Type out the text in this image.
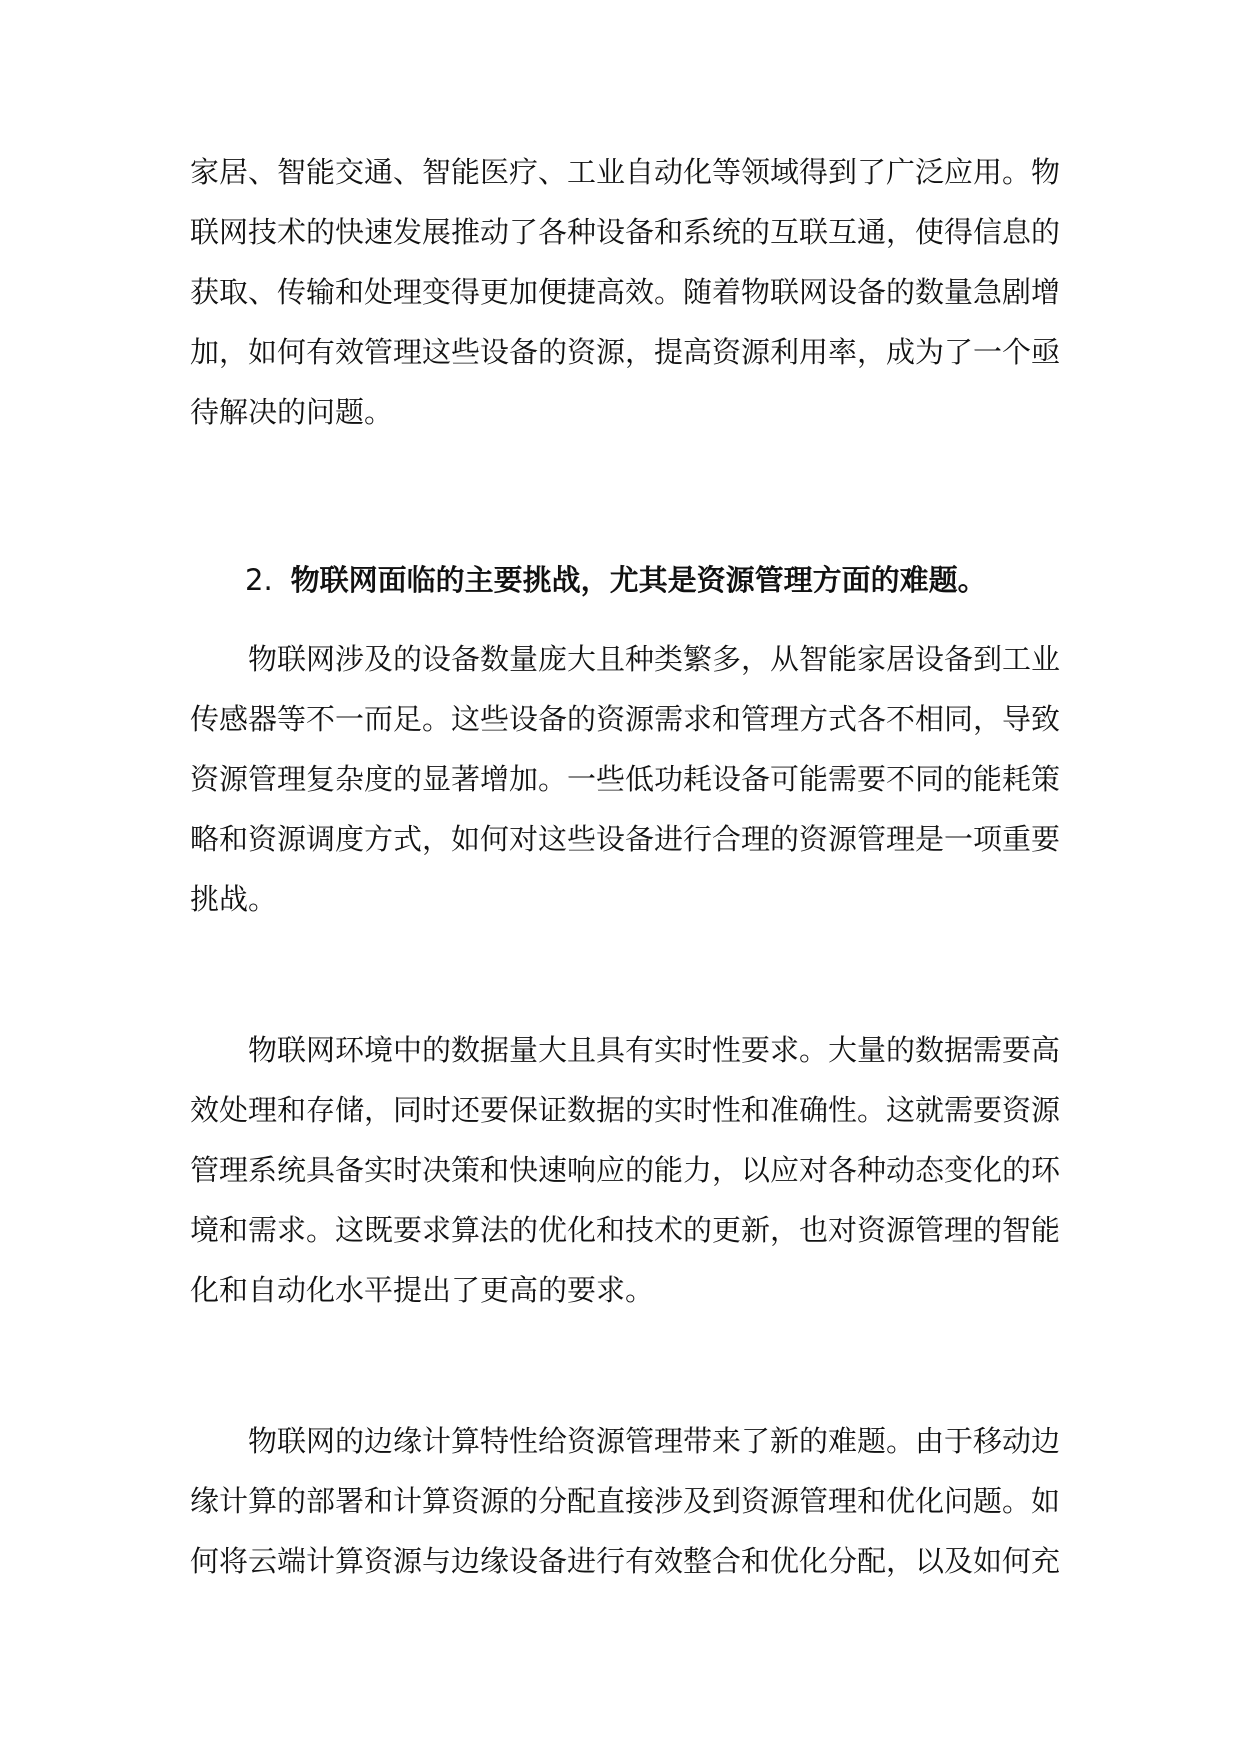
家居、智能交通、智能医疗、工业自动化等领域得到了广泛应用。物联网技术的快速发展推动了各种设备和系统的互联互通，使得信息的获取、传输和处理变得更加便捷高效。随着物联网设备的数量急剧增加，如何有效管理这些设备的资源，提高资源利用率，成为了一个亟待解决的问题。

2. 物联网面临的主要挑战，尤其是资源管理方面的难题。

物联网涉及的设备数量庞大且种类繁多，从智能家居设备到工业传感器等不一而足。这些设备的资源需求和管理方式各不相同，导致资源管理复杂度的显著增加。一些低功耗设备可能需要不同的能耗策略和资源调度方式，如何对这些设备进行合理的资源管理是一项重要挑战。

物联网环境中的数据量大且具有实时性要求。大量的数据需要高效处理和存储，同时还要保证数据的实时性和准确性。这就需要资源管理系统具备实时决策和快速响应的能力，以应对各种动态变化的环境和需求。这既要求算法的优化和技术的更新，也对资源管理的智能化和自动化水平提出了更高的要求。

物联网的边缘计算特性给资源管理带来了新的难题。由于移动边缘计算的部署和计算资源的分配直接涉及到资源管理和优化问题。如何将云端计算资源与边缘设备进行有效整合和优化分配，以及如何充
